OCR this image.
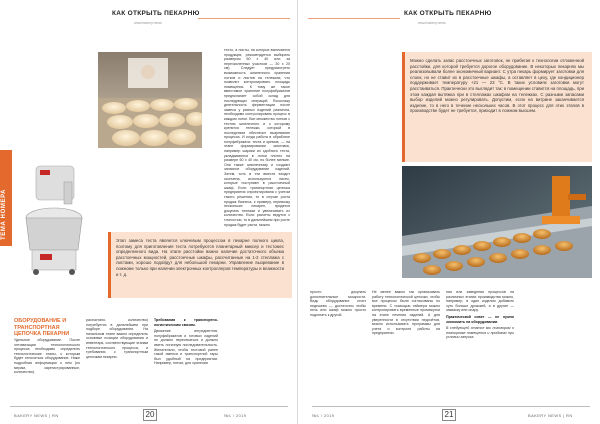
КАК ОТКРЫТЬ ПЕКАРНЮ
www.bakery.news
ТЕМА НОМЕРА
Этап замеса теста является ключевым процессом в пекарне полного цикла, поэтому для приготовления теста потребуются планетарный миксер и тестомес определенного вида. На этапе расстойки важно наличие достаточного объема расстоечных мощностей, расстоечные шкафы, рассчитанные на 1-2 стеллажа с листами, хорошо подойдут для небольшой пекарни. Управление вызревание в ложноме только при наличии электронных контроллеров температуры и влажности и т. д.
ОБОРУДОВАНИЕ И ТРАНСПОРТНАЯ ЦЕПОЧКА ПЕКАРНИ

Удельное оборудование. После оптимизации технологического процесса необходимо определить технологические этапы, к которым будет относиться оборудование. Ниже подробная информация о нем (по мерам, зарегистрированные, количество).

рассчитано, количество) потребуется в дальнейшем при подборе оборудования. На начальном этапе важно определить основные позиции оборудования и инвентаря, соответствующие этапам технологического процесса, и требования к транспортным цепочкам пекарни.

Требования к транспортно-логистическим связям.

Движение ингредиентов, полуфабрикатов и готовых изделий не должно пересекаться и должно иметь логичную последовательность. Желательно, чтобы тестовой ранее такой имелся и транспортной тары был удобный на предприятии. Например, потом, для хранения

тесто, а листы, на которых выпекается продукция, рекомендуется выбирать размером 60 x 40 или за перечисленных участков — 30 x 20 см). Следует предусмотреть возможность шпилечного хранения лотков и листов на тележках, что позволит контролировать площадь помещения. К тому же такое вместимое хранение полуфабрикатов предполагает собой склад для последующих операций. Поскольку деятельность ферментации после замеса у разных изделий различна, необходимо контролировать процесс в каждом лотке. Все множество лотков с тестом шпилечного и к которому крепятся тележки, который в последствии обеспечит вызревание процесса. И когда работа в обработке полуфабриката: теста и кремов, — на этапе формирования заготовок, например шарики из сдобного теста, укладываются в лотки плотно на размере 60 x 40 см, но более мелкие. Они также шпилечному и создают запасное оборудование изделий. Затем, хоть в эти вмести входит окончена, используются листы, которые поступают в расстоечный шкаф. Если транспортная цепочка предприятия спроектирована с учетом такого решения, то в случае роста продаж бизнеса, к примеру, перевозку нескольких пекарен, придется докупать тележки и увеличивать их количество. Если расчеты ведутся с точностью, то в дальнейшем при росте продаж будет расти, можно

BAKERY NEWS | RN	20	№1 / 2019
КАК ОТКРЫТЬ ПЕКАРНЮ
www.bakery.news
Можно сделать запас расстоечных заготовок, не прибегая к технологии отложенной расстойки, для которой требуется дорогое оборудование. В некоторых пекарнях мы реализовывали более экономичный вариант. С утра пекарь формирует заготовки для слоек, но не ставит их в расстоечные шкафы, а оставляет в цеху, где кондиционер поддерживает температуру +21 — 23 °C. В таких условиях заготовки могут расстаиваться. Практически это выглядит так: в помещении ставится на площадь, при этом каждая вытяжка при в стеллажах шкафом на тележках. С разными запасами выбор изделий можно регулировать. Допустим, если на витрине заканчивается изделие, то в него в течение нескольких часов. В этот процесс для этих этапов в производстве будет не требуется, приходит в ложном высшем.

просто докупать дополнительные мощности. Ведь оборудование стоит недешево — достаточно чтобы печь или шкаф можно просто подогнать к другой.

Не менее важно так организовать работу технологической цепочки, чтобы все процессы были согласованы по времени. С помощью таймера можно контролировать временные промежутки на этапе печения изделий. А для уверенности в отсутствии недочётов, можно использовать программы для учета и контроля работы на предприятии.

ния или заведения процессов на различных этапах производства можно, например, в один изделия добавить чуть больше дрожжей, а в другие — закваску или опару.

Практический совет — не нужно экономить на оборудовании.

В следующей статье мы поговорим о планировке помещения и продажах при условии запуска.

№1 / 2019	21	BAKERY NEWS | RN
